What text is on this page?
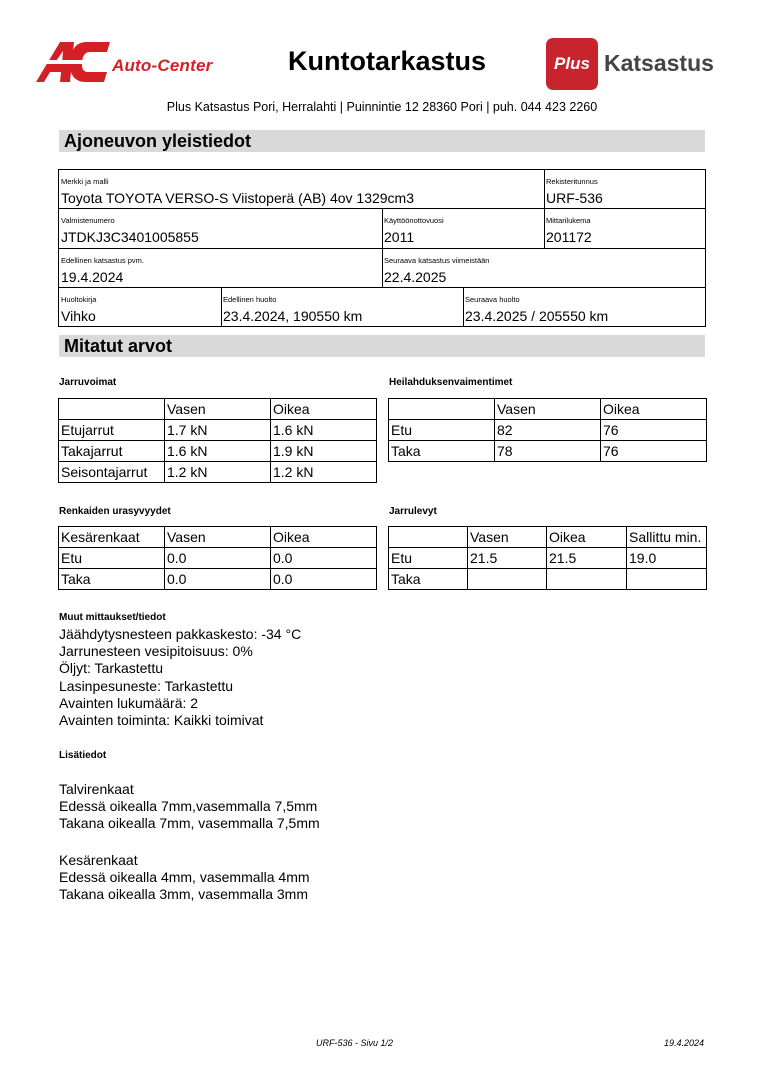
Auto-Center	Kuntotarkastus	Plus Katsastus
Plus Katsastus Pori, Herralahti | Puinnintie 12 28360 Pori | puh. 044 423 2260
Ajoneuvon yleistiedot
Merkki ja malli
Toyota TOYOTA VERSO-S Viistoperä (AB) 4ov 1329cm3
Rekisteritunnus
URF-536
Valmistenumero
JTDKJ3C3401005855
Käyttöönottovuosi
2011
Mittarilukema
201172
Edellinen katsastus pvm.
19.4.2024
Seuraava katsastus viimeistään
22.4.2025
Huoltokirja
Vihko
Edellinen huolto
23.4.2024, 190550 km
Seuraava huolto
23.4.2025 / 205550 km
Mitatut arvot
Jarruvoimat
	Vasen	Oikea
Etujarrut	1.7 kN	1.6 kN
Takajarrut	1.6 kN	1.9 kN
Seisontajarrut	1.2 kN	1.2 kN
Heilahduksenvaimentimet
	Vasen	Oikea
Etu	82	76
Taka	78	76
Renkaiden urasyvyydet
Kesärenkaat	Vasen	Oikea
Etu	0.0	0.0
Taka	0.0	0.0
Jarrulevyt
	Vasen	Oikea	Sallittu min.
Etu	21.5	21.5	19.0
Taka			
Muut mittaukset/tiedot
Jäähdytysnesteen pakkaskesto: -34 °C
Jarrunesteen vesipitoisuus: 0%
Öljyt: Tarkastettu
Lasinpesuneste: Tarkastettu
Avainten lukumäärä: 2
Avainten toiminta: Kaikki toimivat
Lisätiedot
Talvirenkaat
Edessä oikealla 7mm,vasemmalla 7,5mm
Takana oikealla 7mm, vasemmalla 7,5mm
Kesärenkaat
Edessä oikealla 4mm, vasemmalla 4mm
Takana oikealla 3mm, vasemmalla 3mm
URF-536 - Sivu 1/2	19.4.2024
